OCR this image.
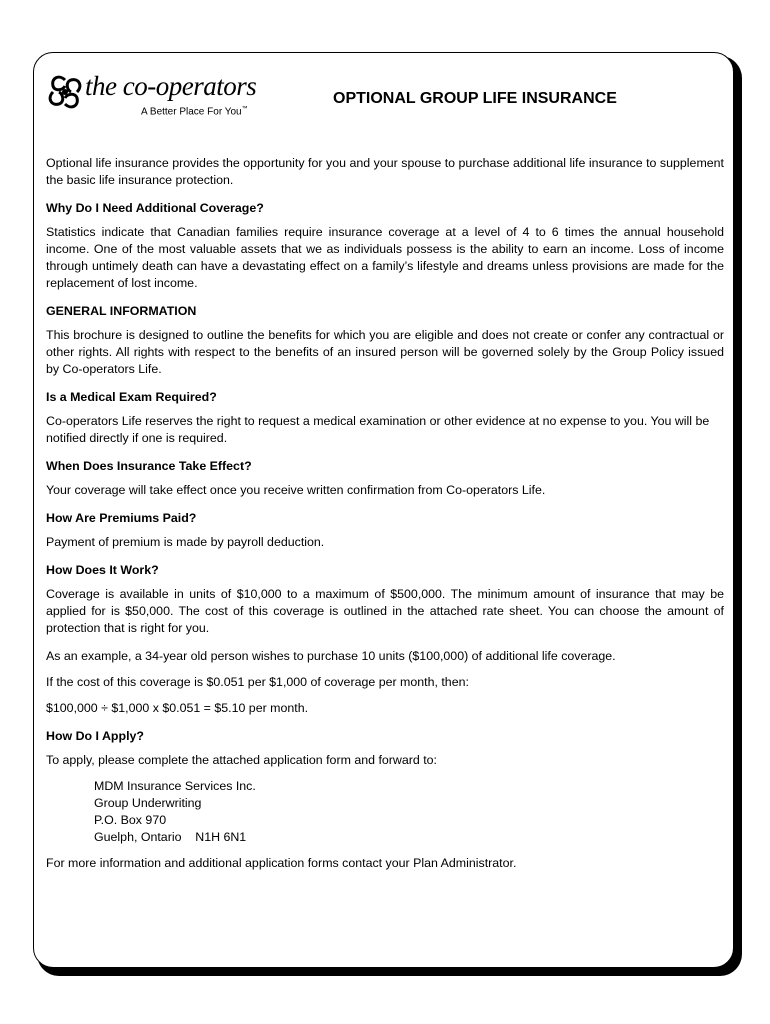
the co-operators
A Better Place For You™
OPTIONAL GROUP LIFE INSURANCE

Optional life insurance provides the opportunity for you and your spouse to purchase additional life insurance to supplement the basic life insurance protection.

Why Do I Need Additional Coverage?

Statistics indicate that Canadian families require insurance coverage at a level of 4 to 6 times the annual household income. One of the most valuable assets that we as individuals possess is the ability to earn an income. Loss of income through untimely death can have a devastating effect on a family’s lifestyle and dreams unless provisions are made for the replacement of lost income.

GENERAL INFORMATION

This brochure is designed to outline the benefits for which you are eligible and does not create or confer any contractual or other rights. All rights with respect to the benefits of an insured person will be governed solely by the Group Policy issued by Co-operators Life.

Is a Medical Exam Required?

Co-operators Life reserves the right to request a medical examination or other evidence at no expense to you. You will be notified directly if one is required.

When Does Insurance Take Effect?

Your coverage will take effect once you receive written confirmation from Co-operators Life.

How Are Premiums Paid?

Payment of premium is made by payroll deduction.

How Does It Work?

Coverage is available in units of $10,000 to a maximum of $500,000. The minimum amount of insurance that may be applied for is $50,000. The cost of this coverage is outlined in the attached rate sheet. You can choose the amount of protection that is right for you.

As an example, a 34-year old person wishes to purchase 10 units ($100,000) of additional life coverage.

If the cost of this coverage is $0.051 per $1,000 of coverage per month, then:

$100,000 ÷ $1,000 x $0.051 = $5.10 per month.

How Do I Apply?

To apply, please complete the attached application form and forward to:

MDM Insurance Services Inc.
Group Underwriting
P.O. Box 970
Guelph, Ontario    N1H 6N1

For more information and additional application forms contact your Plan Administrator.
